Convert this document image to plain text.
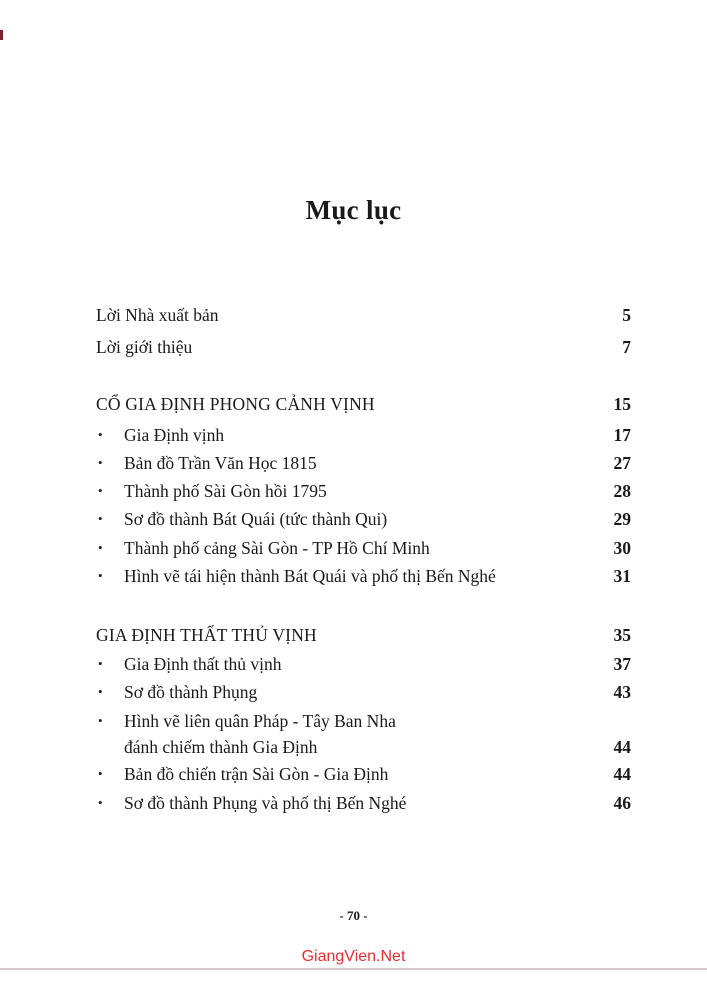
Mục lục
Lời Nhà xuất bản	5
Lời giới thiệu	7
CỔ GIA ĐỊNH PHONG CẢNH VỊNH	15
• Gia Định vịnh	17
• Bản đồ Trần Văn Học 1815	27
• Thành phố Sài Gòn hồi 1795	28
• Sơ đồ thành Bát Quái (tức thành Qui)	29
• Thành phố cảng Sài Gòn - TP Hồ Chí Minh	30
• Hình vẽ tái hiện thành Bát Quái và phố thị Bến Nghé	31
GIA ĐỊNH THẤT THỦ VỊNH	35
• Gia Định thất thủ vịnh	37
• Sơ đồ thành Phụng	43
• Hình vẽ liên quân Pháp - Tây Ban Nha
đánh chiếm thành Gia Định	44
• Bản đồ chiến trận Sài Gòn - Gia Định	44
• Sơ đồ thành Phụng và phố thị Bến Nghé	46
- 70 -
GiangVien.Net
